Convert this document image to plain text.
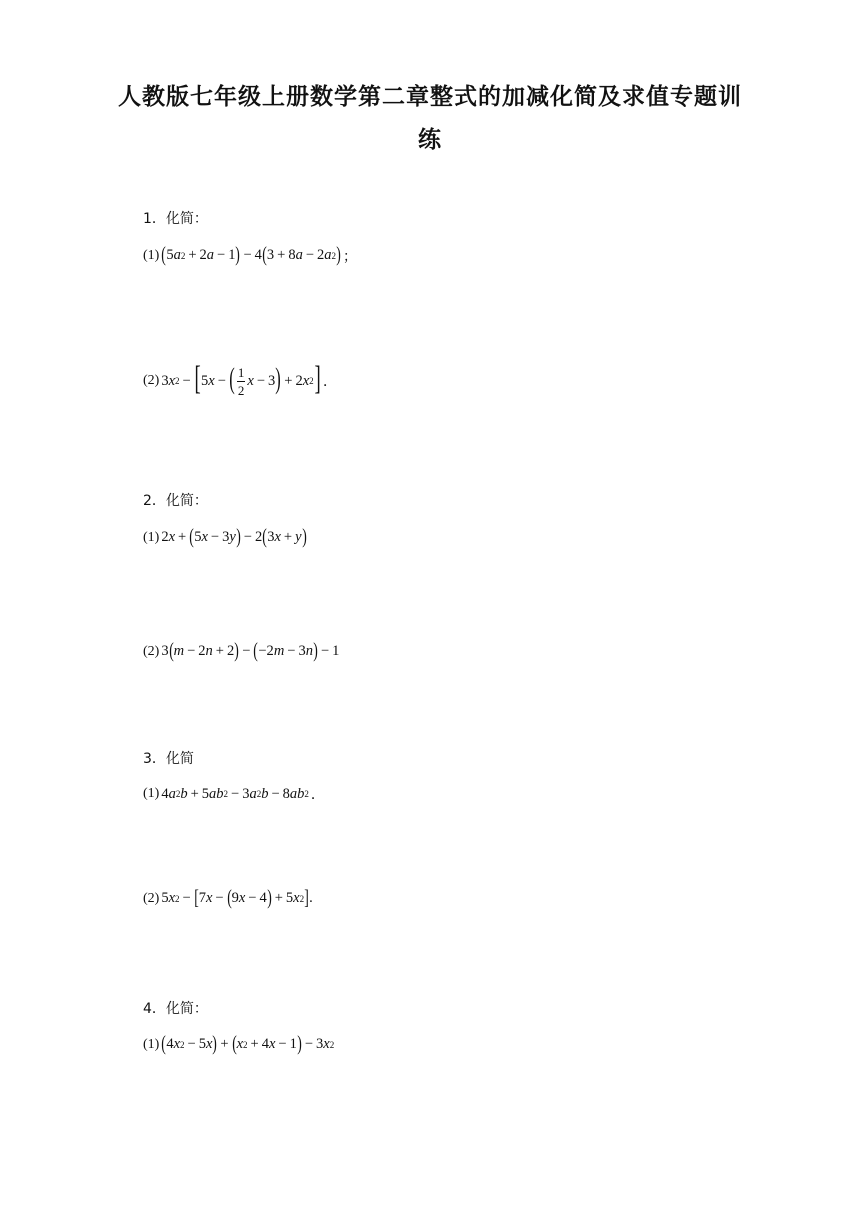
人教版七年级上册数学第二章整式的加减化简及求值专题训
练
1．化简：
(1) ( 5 a 2 + 2 a − 1 ) − 4 ( 3 + 8 a − 2 a 2 ) ；
(2) 3 x 2 − [ 5 x − ( $\frac{1}{2}$ x − 3 ) + 2 x 2 ] ．
2．化简：
(1) 2 x + ( 5 x − 3 y ) − 2 ( 3 x + y )
(2) 3 ( m − 2 n + 2 ) − ( −2 m − 3 n ) − 1
3．化简
(1) 4 a 2 b + 5 ab 2 − 3 a 2 b − 8 ab 2 ．
(2) 5 x 2 − [ 7 x − ( 9 x − 4 ) + 5 x 2 ] .
4．化简：
(1) ( 4 x 2 − 5 x ) + ( x 2 + 4 x − 1 ) − 3 x 2
